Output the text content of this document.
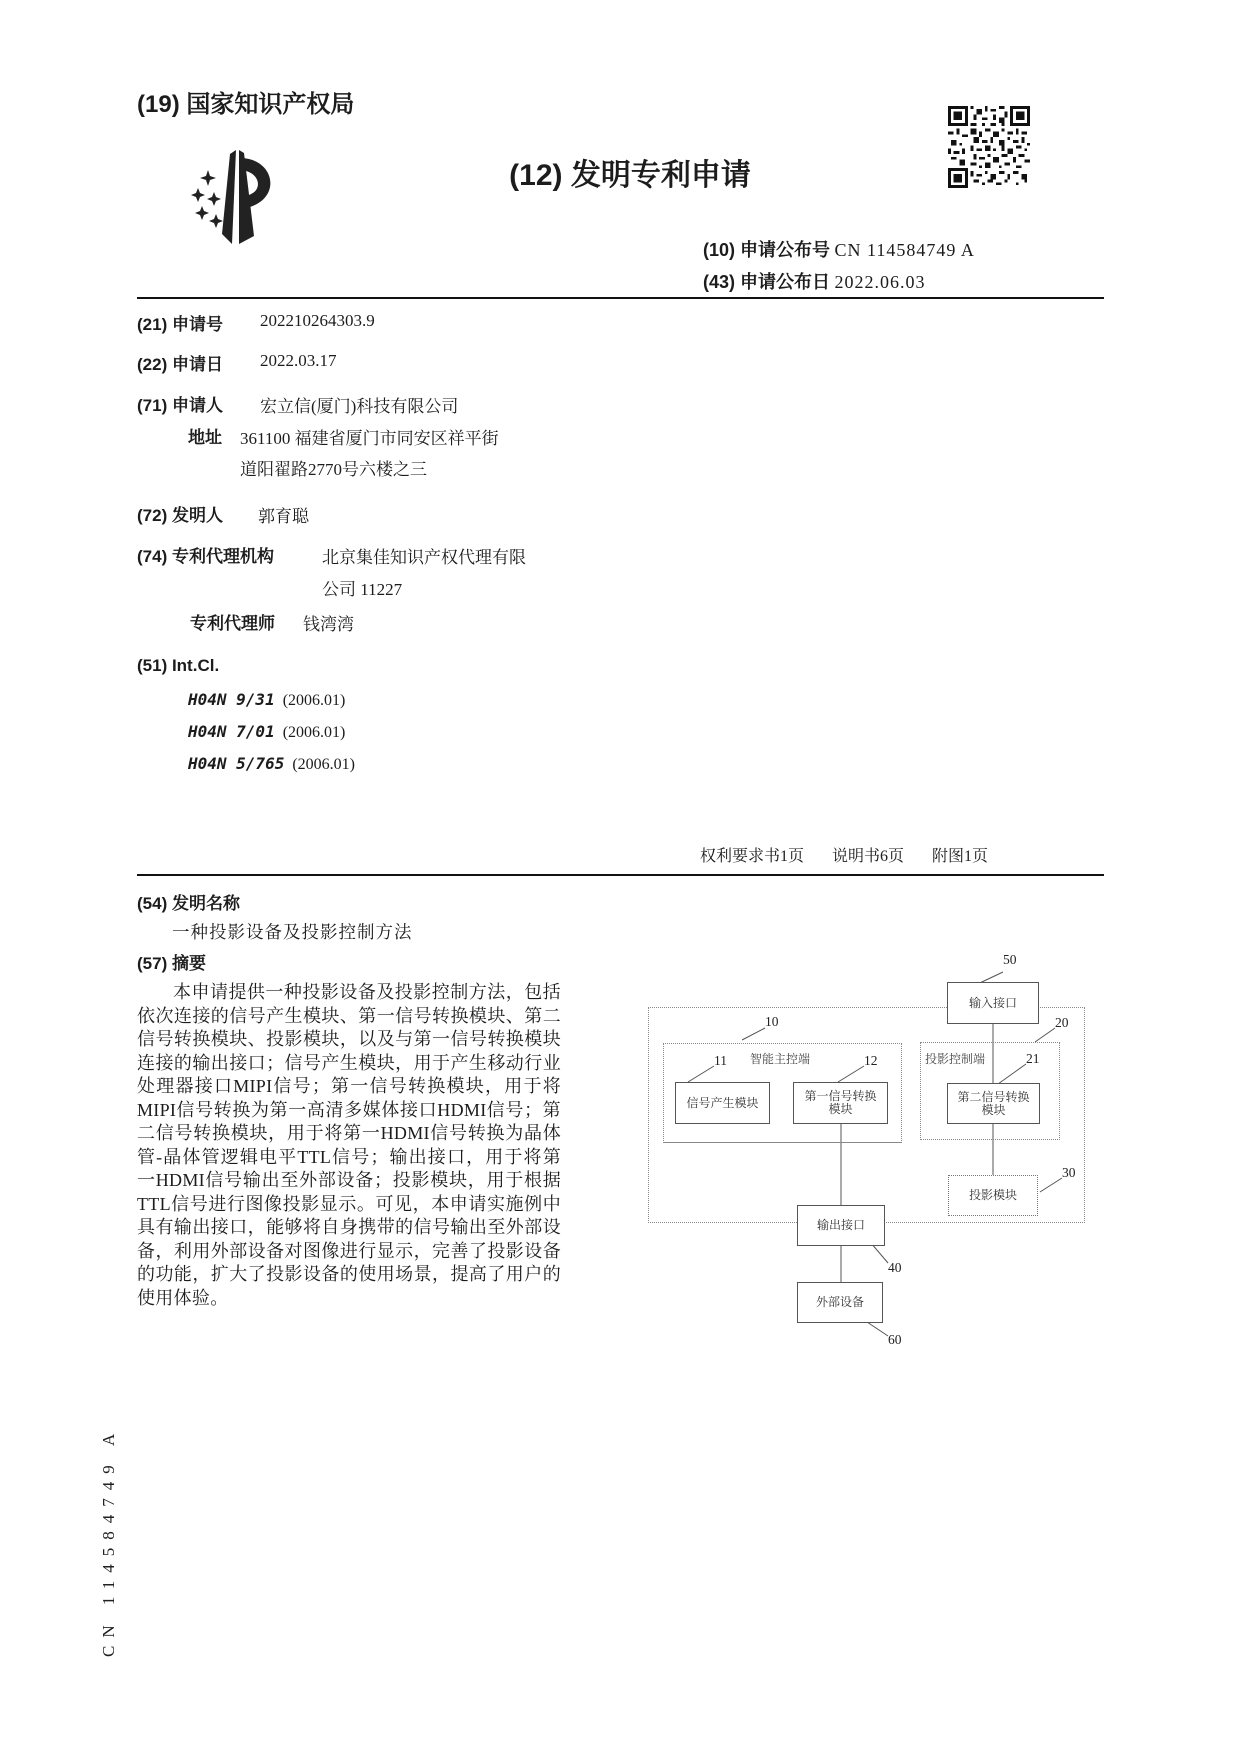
(19) 国家知识产权局
(12) 发明专利申请
(10) 申请公布号 CN 114584749 A
(43) 申请公布日 2022.06.03
(21) 申请号 202210264303.9
(22) 申请日 2022.03.17
(71) 申请人 宏立信(厦门)科技有限公司
地址 361100 福建省厦门市同安区祥平街
道阳翟路2770号六楼之三
(72) 发明人 郭育聪
(74) 专利代理机构	北京集佳知识产权代理有限
公司 11227
专利代理师 钱湾湾
(51) Int.Cl.
H04N 9/31 (2006.01)
H04N 7/01 (2006.01)
H04N 5/765 (2006.01)
权利要求书1页 说明书6页 附图1页
(54) 发明名称
一种投影设备及投影控制方法
(57) 摘要
本申请提供一种投影设备及投影控制方法，包括依次连接的信号产生模块、第一信号转换模块、第二信号转换模块、投影模块，以及与第一信号转换模块连接的输出接口；信号产生模块，用于产生移动行业处理器接口MIPI信号；第一信号转换模块，用于将MIPI信号转换为第一高清多媒体接口HDMI信号；第二信号转换模块，用于将第一HDMI信号转换为晶体管-晶体管逻辑电平TTL信号；输出接口，用于将第一HDMI信号输出至外部设备；投影模块，用于根据TTL信号进行图像投影显示。可见，本申请实施例中具有输出接口，能够将自身携带的信号输出至外部设备，利用外部设备对图像进行显示，完善了投影设备的功能，扩大了投影设备的使用场景，提高了用户的使用体验。
CN 114584749 A
智能主控端	投影控制端
输入接口
信号产生模块	第一信号转换
模块
第二信号转换
模块
投影模块
输出接口
外部设备
50
10
11	12
20
21
30
40
60
